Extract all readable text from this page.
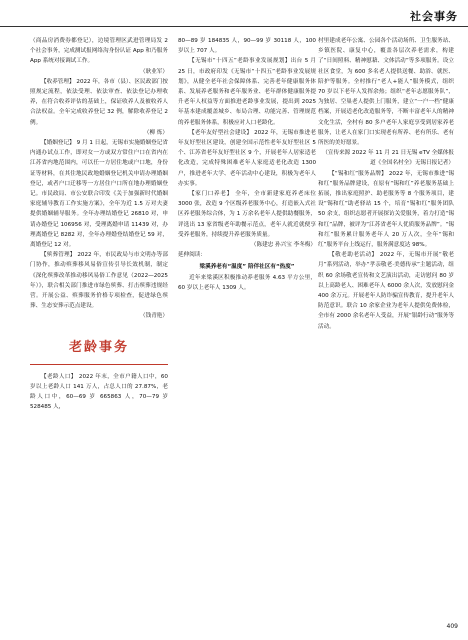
社会事务

（商品房消费券都登记），边境管理区武进管理局发 2 个社会事务，完成测试报网络沟身份认证 App 和乃服务 App 系统对接调试工作。

（耿业军）

【收养管理】 2022 年，各市（县）、区民政部门按照规定流程，依法受理、依法审查、依法登记办理收养，在符合收养评估的基础上，保证收养人及被收养人合法权益。全年完成收养登记 32 例，解除收养登记 2 例。

（柳 炼）

【婚姻登记】 9 月 1 日起，无锡市实施婚姻登记省内通办试点工作，即对女一方或双方常住户口在省内在江苏省内地范围内，可以任一方居住地或户口地，身份证等材料，在其住地民政地婚姻登记机关申请办理婚姻登记，或者户口迁移等一方居住户口所在地办理婚姻登记。市民政局、市公安联合印发《关于加强新时代婚姻家庭辅导教育工作实施方案》，全年为近 1.5 万对夫妻提供婚姻辅导服务。全年办理结婚登记 26810 对，申请办婚登记 106956 对，受理离婚申请 11439 对，办理离婚登记 8282 对，全年办理婚登结婚登记 59 对，离婚登记 12 对。

【殡葬管理】 2022 年，市民政局与市文明办等部门协作，推动殡葬移风易俗宣传引导长效机制，制定《深化殡葬改革推动移风易俗工作意见（2022—2025 年）》，联合相关部门推进市绿色殡葬、打击殡葬违规经营。开展公益、殡葬服务价格专项检查，促进绿色殡葬、生态安葬示范点建设。

（钱青艳）

老龄事务

【老龄人口】 2022 年末，全市户籍人口中，60 岁以上老龄人口 141 万人，占总人口的 27.87%，老龄人口中，60—69 岁 665863 人，70—79 岁 528485 人，

80—89 岁 184835 人，90—99 岁 30118 人，100 岁以上 707 人。

【无锡市“十四五”老龄事业发展规划】出台 5 月 25 日，市政府印发《无锡市“十四五”老龄事业发展规划》，从健全老年社会保障体系、完善老年健康服务体系、发展养老服务和老年服务业、老年群体健康服务提升老年人权益等方面推进老龄事业发展，提出到 2025 年基本建成覆盖城乡、布局合理、功能完善、管理规范的养老服务体系，积极应对人口老龄化。

【老年友好型社会建设】 2022 年，无锡市推进老年友好型社区建设，创建全国示范性老年友好型社区 5 个、江苏省老年友好型社区 9 个，开展老年人居家适老化改造，完成特殊困难老年人家庭适老化改造 1300 户，推进老年大学、老年活动中心建设，积极为老年人办实事。

【家门口养老】 全年，全市新建家庭养老床位 3000 张，改造 9 个区级养老服务中心，打造嵌入式社区养老服务综合体，为 1 万余名老年人提供助餐服务，评选出 13 家省级老年助餐示范点，老年人就近就便享受养老服务，持续提升养老服务质量。

（陈建忠 孙兴宝 李冬梅）

延伸阅读：

梁溪养老有“温度” 陪伴社区有“热度”

近年来梁溪区积极推动养老服务 4.63 平方公里，60 岁以上老年人 1309 人。

村里建成老年公寓、公园各个活动场所、卫生服务站、乡镇医院、康复中心，覆盖各层次养老需求，构建了“日间照料、精神慰藉、文体活动”等多项服务。设立社区食堂，为 600 多名老人提供送餐、助浴、就医、陪护等服务。全村推行“老人+能人”服务模式，组织 70 岁以下老年人发挥余热；组织“老年志愿服务队”，为独居、空巢老人提供上门服务，建立“一户一档”健康档案，开展适老化改造服务等，不断丰富老年人的精神文化生活，全村有 80 多户老年人家庭享受到居家养老服务，让老人在家门口实现老有所养、老有所乐、老有所医的美好愿景。

（宣传来源 2022 年 11 月 21 日无锡 eTV 全媒体报道《全国名村全》无锡日报记者）

【“锡和红”服务品牌】 2022 年，无锡市推进“锡和红”服务品牌建设，在原有“锡和红”养老服务基础上拓展，推出家庭照护、助老服务等 8 个服务项目，建设“锡和红”助老驿站 15 个，培育“锡和红”服务团队 50 余支，组织志愿者开展探访关爱服务，着力打造“锡和红”品牌，被评为“江苏省老年人优质服务品牌”。“锡和红”服务累计服务老年人 20 万人次，全年“锡和红”服务平台上线运行，服务满意度达 98%。

【敬老助老活动】 2022 年，无锡市开展“敬老月”系列活动，举办“孝亲敬老·美德传承”主题活动，组织 60 余场敬老宣传和文艺演出活动，走访慰问 80 岁以上高龄老人、困难老年人 6000 余人次，发放慰问金 400 余万元。开展老年人防诈骗宣传教育，提升老年人防范意识。联合 10 余家企业为老年人提供免费体检，全市有 2000 余名老年人受益，开展“银龄行动”服务等活动。

409
